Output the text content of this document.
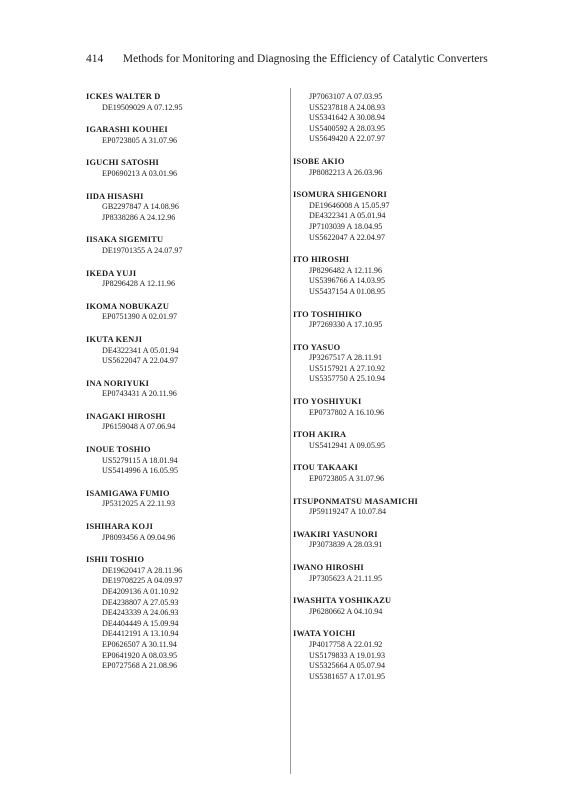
414 Methods for Monitoring and Diagnosing the Efficiency of Catalytic Converters
ICKES WALTER D
DE19509029 A 07.12.95
IGARASHI KOUHEI
EP0723805 A 31.07.96
IGUCHI SATOSHI
EP0690213 A 03.01.96
IIDA HISASHI
GB2297847 A 14.08.96
JP8338286 A 24.12.96
IISAKA SIGEMITU
DE19701355 A 24.07.97
IKEDA YUJI
JP8296428 A 12.11.96
IKOMA NOBUKAZU
EP0751390 A 02.01.97
IKUTA KENJI
DE4322341 A 05.01.94
US5622047 A 22.04.97
INA NORIYUKI
EP0743431 A 20.11.96
INAGAKI HIROSHI
JP6159048 A 07.06.94
INOUE TOSHIO
US5279115 A 18.01.94
US5414996 A 16.05.95
ISAMIGAWA FUMIO
JP5312025 A 22.11.93
ISHIHARA KOJI
JP8093456 A 09.04.96
ISHII TOSHIO
DE19620417 A 28.11.96
DE19708225 A 04.09.97
DE4209136 A 01.10.92
DE4238807 A 27.05.93
DE4243339 A 24.06.93
DE4404449 A 15.09.94
DE4412191 A 13.10.94
EP0626507 A 30.11.94
EP0641920 A 08.03.95
EP0727568 A 21.08.96
JP7063107 A 07.03.95
US5237818 A 24.08.93
US5341642 A 30.08.94
US5400592 A 28.03.95
US5649420 A 22.07.97
ISOBE AKIO
JP8082213 A 26.03.96
ISOMURA SHIGENORI
DE19646008 A 15.05.97
DE4322341 A 05.01.94
JP7103039 A 18.04.95
US5622047 A 22.04.97
ITO HIROSHI
JP8296482 A 12.11.96
US5396766 A 14.03.95
US5437154 A 01.08.95
ITO TOSHIHIKO
JP7269330 A 17.10.95
ITO YASUO
JP3267517 A 28.11.91
US5157921 A 27.10.92
US5357750 A 25.10.94
ITO YOSHIYUKI
EP0737802 A 16.10.96
ITOH AKIRA
US5412941 A 09.05.95
ITOU TAKAAKI
EP0723805 A 31.07.96
ITSUPONMATSU MASAMICHI
JP59119247 A 10.07.84
IWAKIRI YASUNORI
JP3073839 A 28.03.91
IWANO HIROSHI
JP7305623 A 21.11.95
IWASHITA YOSHIKAZU
JP6280662 A 04.10.94
IWATA YOICHI
JP4017758 A 22.01.92
US5179833 A 19.01.93
US5325664 A 05.07.94
US5381657 A 17.01.95
